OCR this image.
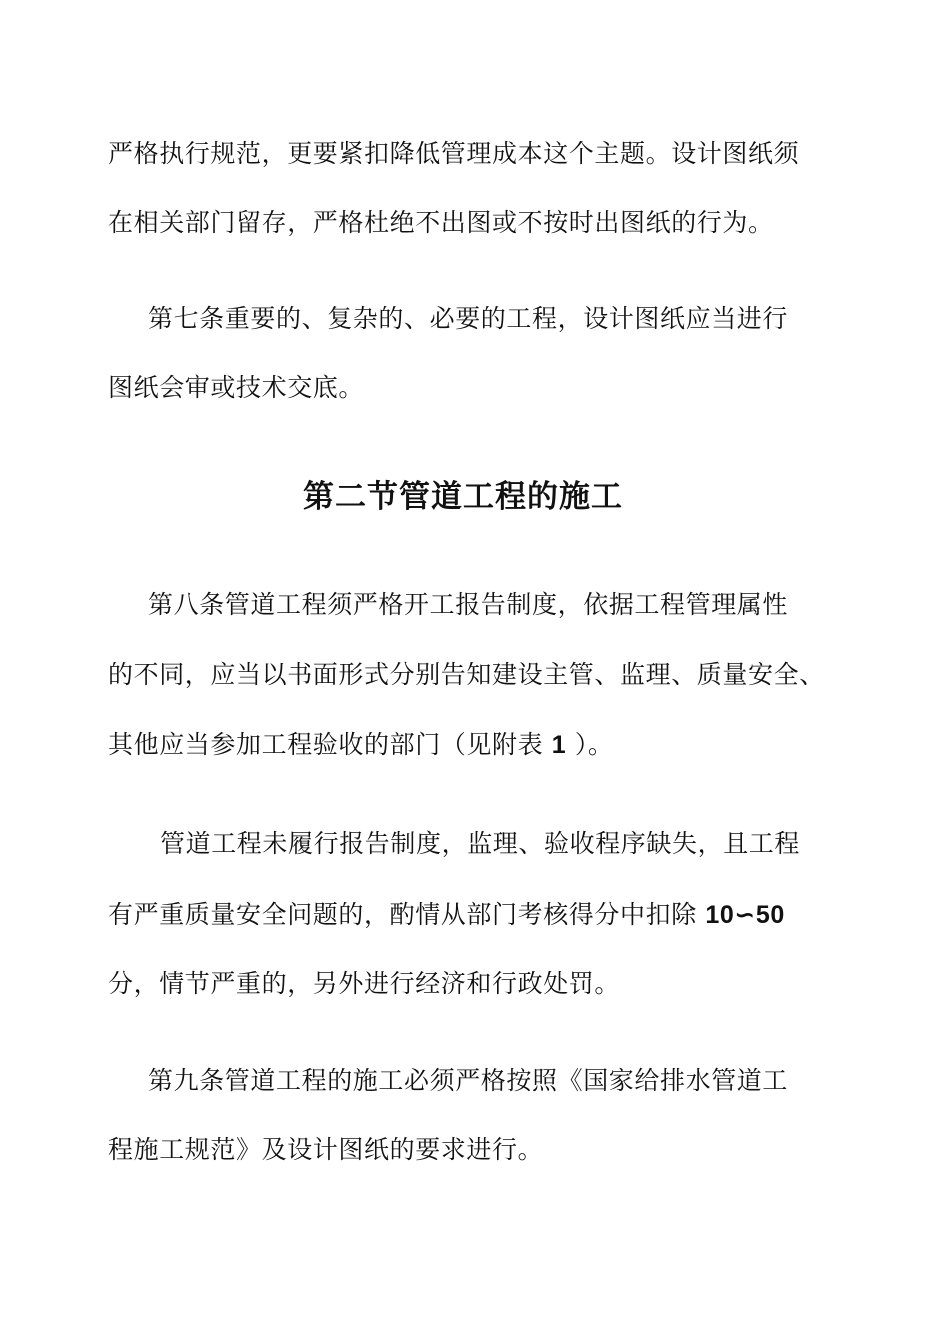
严格执行规范，更要紧扣降低管理成本这个主题。设计图纸须
在相关部门留存，严格杜绝不出图或不按时出图纸的行为。
第七条重要的、复杂的、必要的工程，设计图纸应当进行
图纸会审或技术交底。
第二节管道工程的施工
第八条管道工程须严格开工报告制度，依据工程管理属性
的不同，应当以书面形式分别告知建设主管、监理、质量安全、
其他应当参加工程验收的部门（见附表 1 ）。
管道工程未履行报告制度，监理、验收程序缺失，且工程
有严重质量安全问题的，酌情从部门考核得分中扣除 10∽50
分，情节严重的，另外进行经济和行政处罚。
第九条管道工程的施工必须严格按照《国家给排水管道工
程施工规范》及设计图纸的要求进行。
